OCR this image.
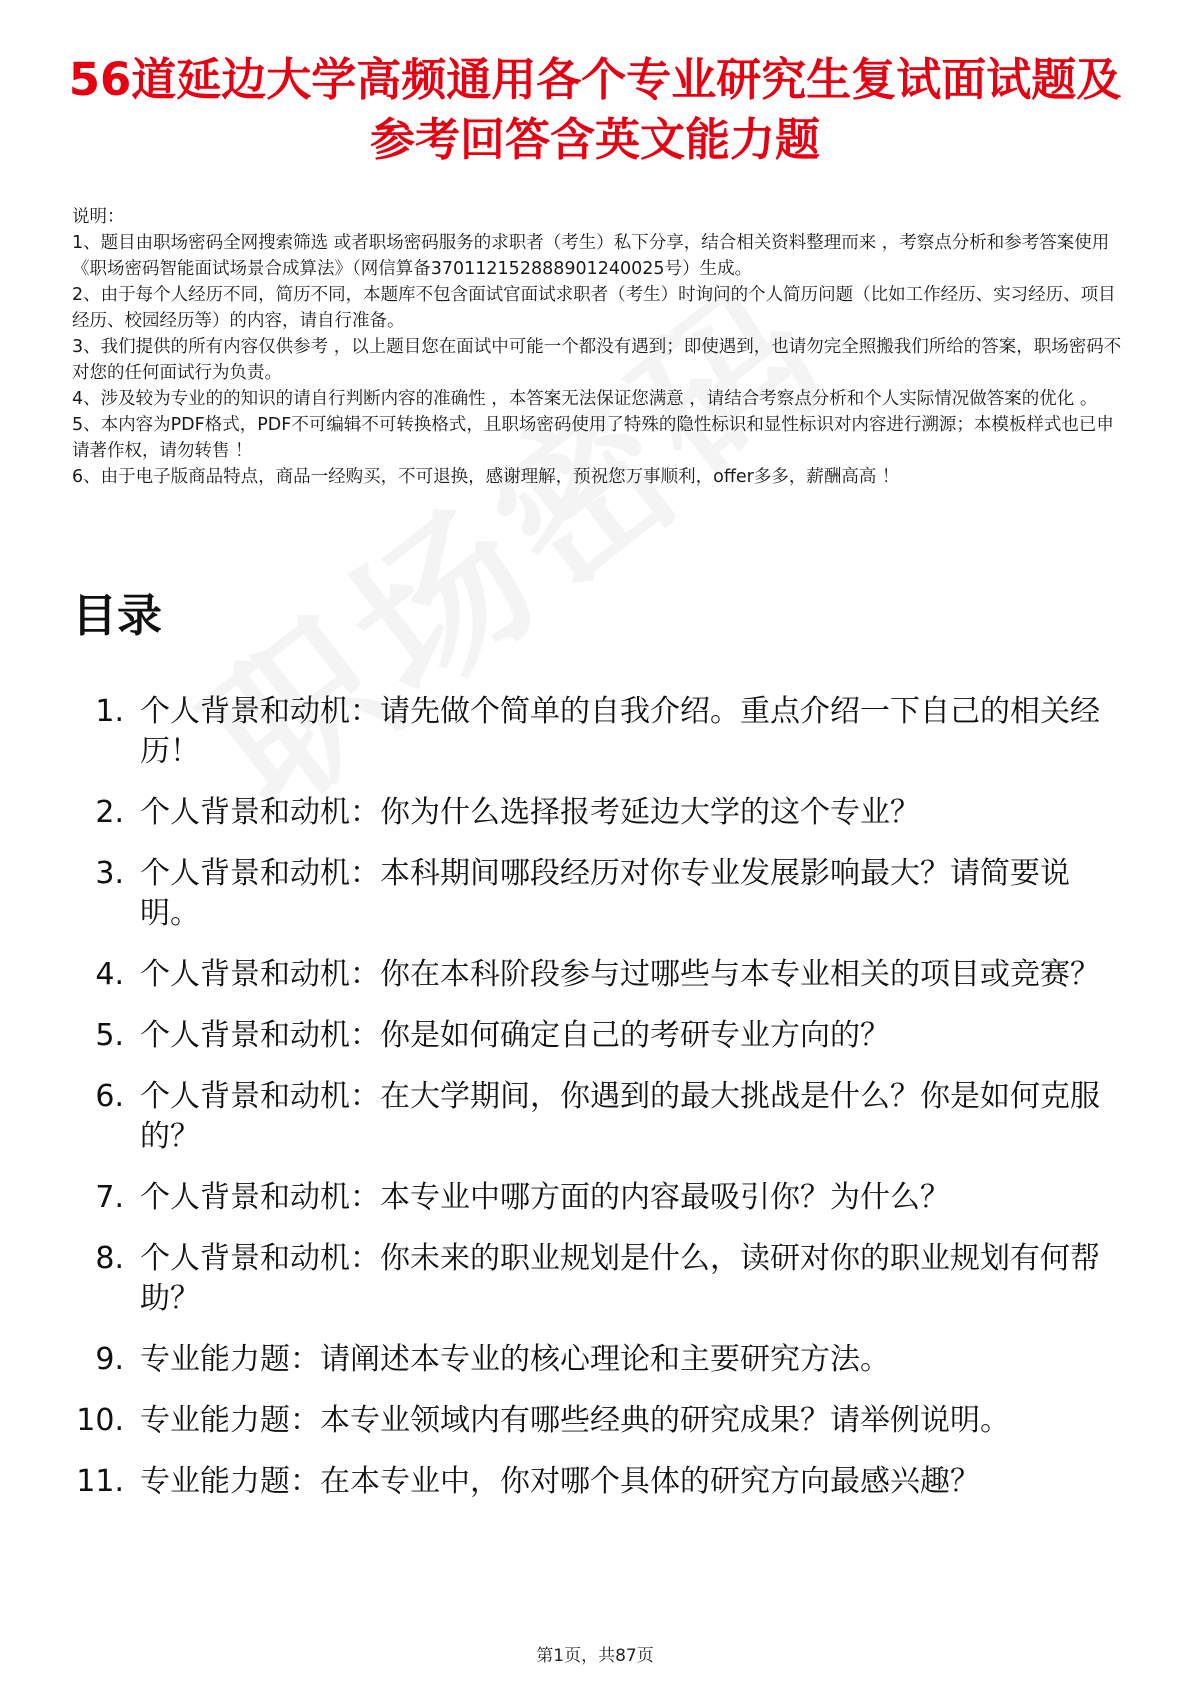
56道延边大学高频通用各个专业研究生复试面试题及参考回答含英文能力题

说明：

1、题目由职场密码全网搜索筛选 或者职场密码服务的求职者（考生）私下分享，结合相关资料整理而来 ，考察点分析和参考答案使用《职场密码智能面试场景合成算法》（网信算备370112152888901240025号）生成。

2、由于每个人经历不同，简历不同，本题库不包含面试官面试求职者（考生）时询问的个人简历问题（比如工作经历、实习经历、项目经历、校园经历等）的内容，请自行准备。

3、我们提供的所有内容仅供参考 ，以上题目您在面试中可能一个都没有遇到；即使遇到，也请勿完全照搬我们所给的答案，职场密码不对您的任何面试行为负责。

4、涉及较为专业的的知识的请自行判断内容的准确性 ，本答案无法保证您满意 ，请结合考察点分析和个人实际情况做答案的优化 。

5、本内容为PDF格式，PDF不可编辑不可转换格式，且职场密码使用了特殊的隐性标识和显性标识对内容进行溯源；本模板样式也已申请著作权，请勿转售 ！

6、由于电子版商品特点，商品一经购买，不可退换，感谢理解，预祝您万事顺利，offer多多，薪酬高高 ！

目录
1. 个人背景和动机：请先做个简单的自我介绍。重点介绍一下自己的相关经历！
2. 个人背景和动机：你为什么选择报考延边大学的这个专业？
3. 个人背景和动机：本科期间哪段经历对你专业发展影响最大？请简要说明。
4. 个人背景和动机：你在本科阶段参与过哪些与本专业相关的项目或竞赛？
5. 个人背景和动机：你是如何确定自己的考研专业方向的？
6. 个人背景和动机：在大学期间，你遇到的最大挑战是什么？你是如何克服的？
7. 个人背景和动机：本专业中哪方面的内容最吸引你？为什么？
8. 个人背景和动机：你未来的职业规划是什么，读研对你的职业规划有何帮助？
9. 专业能力题：请阐述本专业的核心理论和主要研究方法。
10. 专业能力题：本专业领域内有哪些经典的研究成果？请举例说明。
11. 专业能力题：在本专业中，你对哪个具体的研究方向最感兴趣？
第1页，共87页
